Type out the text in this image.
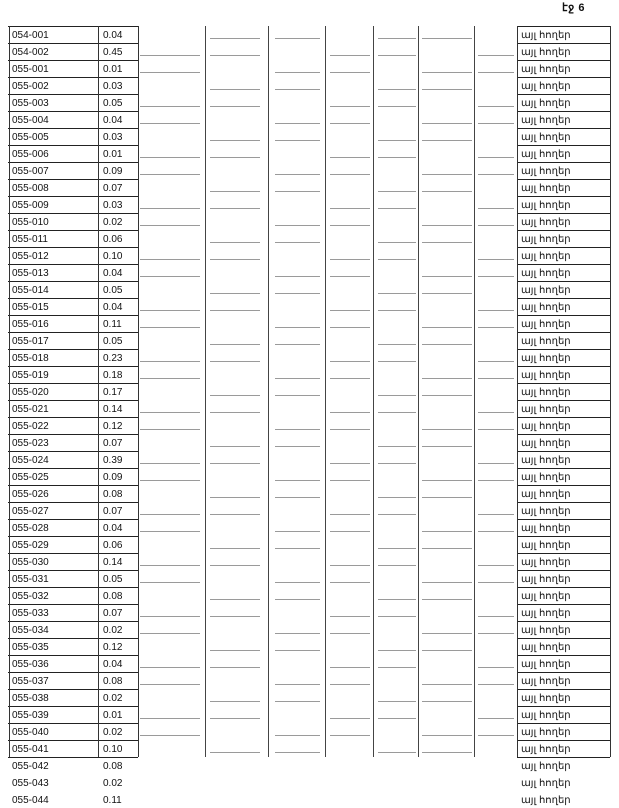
էջ 6
054-001	0.04	այլ հողեր
054-002	0.45	այլ հողեր
055-001	0.01	այլ հողեր
055-002	0.03	այլ հողեր
055-003	0.05	այլ հողեր
055-004	0.04	այլ հողեր
055-005	0.03	այլ հողեր
055-006	0.01	այլ հողեր
055-007	0.09	այլ հողեր
055-008	0.07	այլ հողեր
055-009	0.03	այլ հողեր
055-010	0.02	այլ հողեր
055-011	0.06	այլ հողեր
055-012	0.10	այլ հողեր
055-013	0.04	այլ հողեր
055-014	0.05	այլ հողեր
055-015	0.04	այլ հողեր
055-016	0.11	այլ հողեր
055-017	0.05	այլ հողեր
055-018	0.23	այլ հողեր
055-019	0.18	այլ հողեր
055-020	0.17	այլ հողեր
055-021	0.14	այլ հողեր
055-022	0.12	այլ հողեր
055-023	0.07	այլ հողեր
055-024	0.39	այլ հողեր
055-025	0.09	այլ հողեր
055-026	0.08	այլ հողեր
055-027	0.07	այլ հողեր
055-028	0.04	այլ հողեր
055-029	0.06	այլ հողեր
055-030	0.14	այլ հողեր
055-031	0.05	այլ հողեր
055-032	0.08	այլ հողեր
055-033	0.07	այլ հողեր
055-034	0.02	այլ հողեր
055-035	0.12	այլ հողեր
055-036	0.04	այլ հողեր
055-037	0.08	այլ հողեր
055-038	0.02	այլ հողեր
055-039	0.01	այլ հողեր
055-040	0.02	այլ հողեր
055-041	0.10	այլ հողեր
055-042	0.08	այլ հողեր
055-043	0.02	այլ հողեր
055-044	0.11	այլ հողեր
